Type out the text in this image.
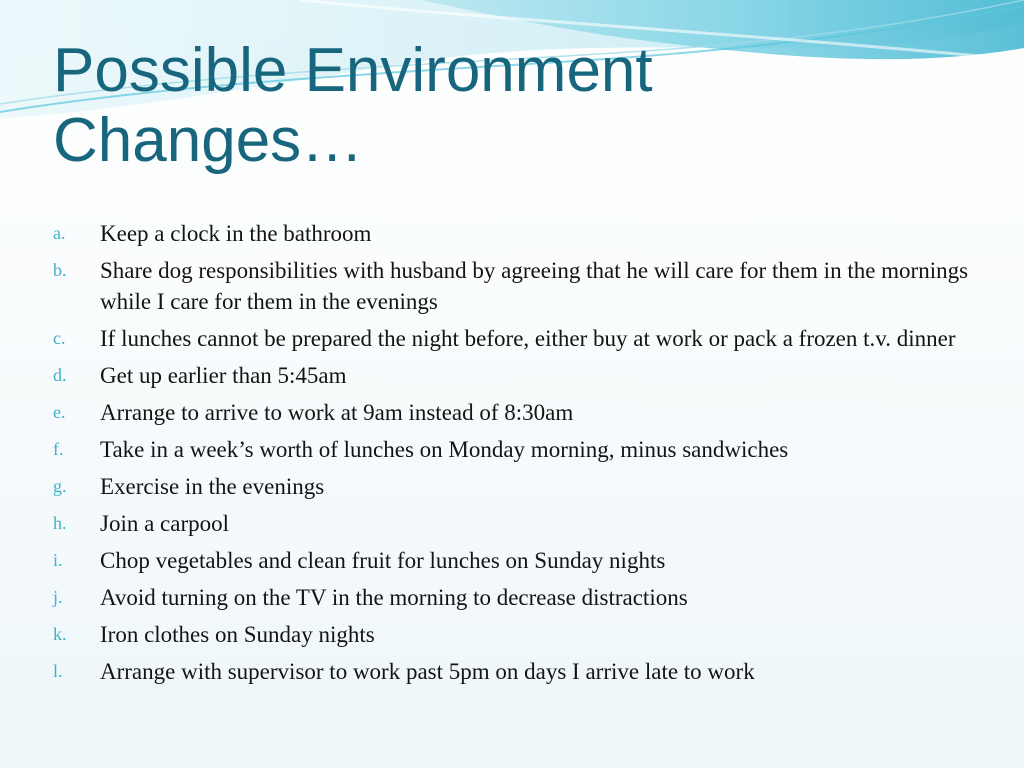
Possible Environment
Changes…
a.	Keep a clock in the bathroom
b.	Share dog responsibilities with husband by agreeing that he will care for them in the mornings while I care for them in the evenings
c.	If lunches cannot be prepared the night before, either buy at work or pack a frozen t.v. dinner
d.	Get up earlier than 5:45am
e.	Arrange to arrive to work at 9am instead of 8:30am
f.	Take in a week’s worth of lunches on Monday morning, minus sandwiches
g.	Exercise in the evenings
h.	Join a carpool
i.	Chop vegetables and clean fruit for lunches on Sunday nights
j.	Avoid turning on the TV in the morning to decrease distractions
k.	Iron clothes on Sunday nights
l.	Arrange with supervisor to work past 5pm on days I arrive late to work
